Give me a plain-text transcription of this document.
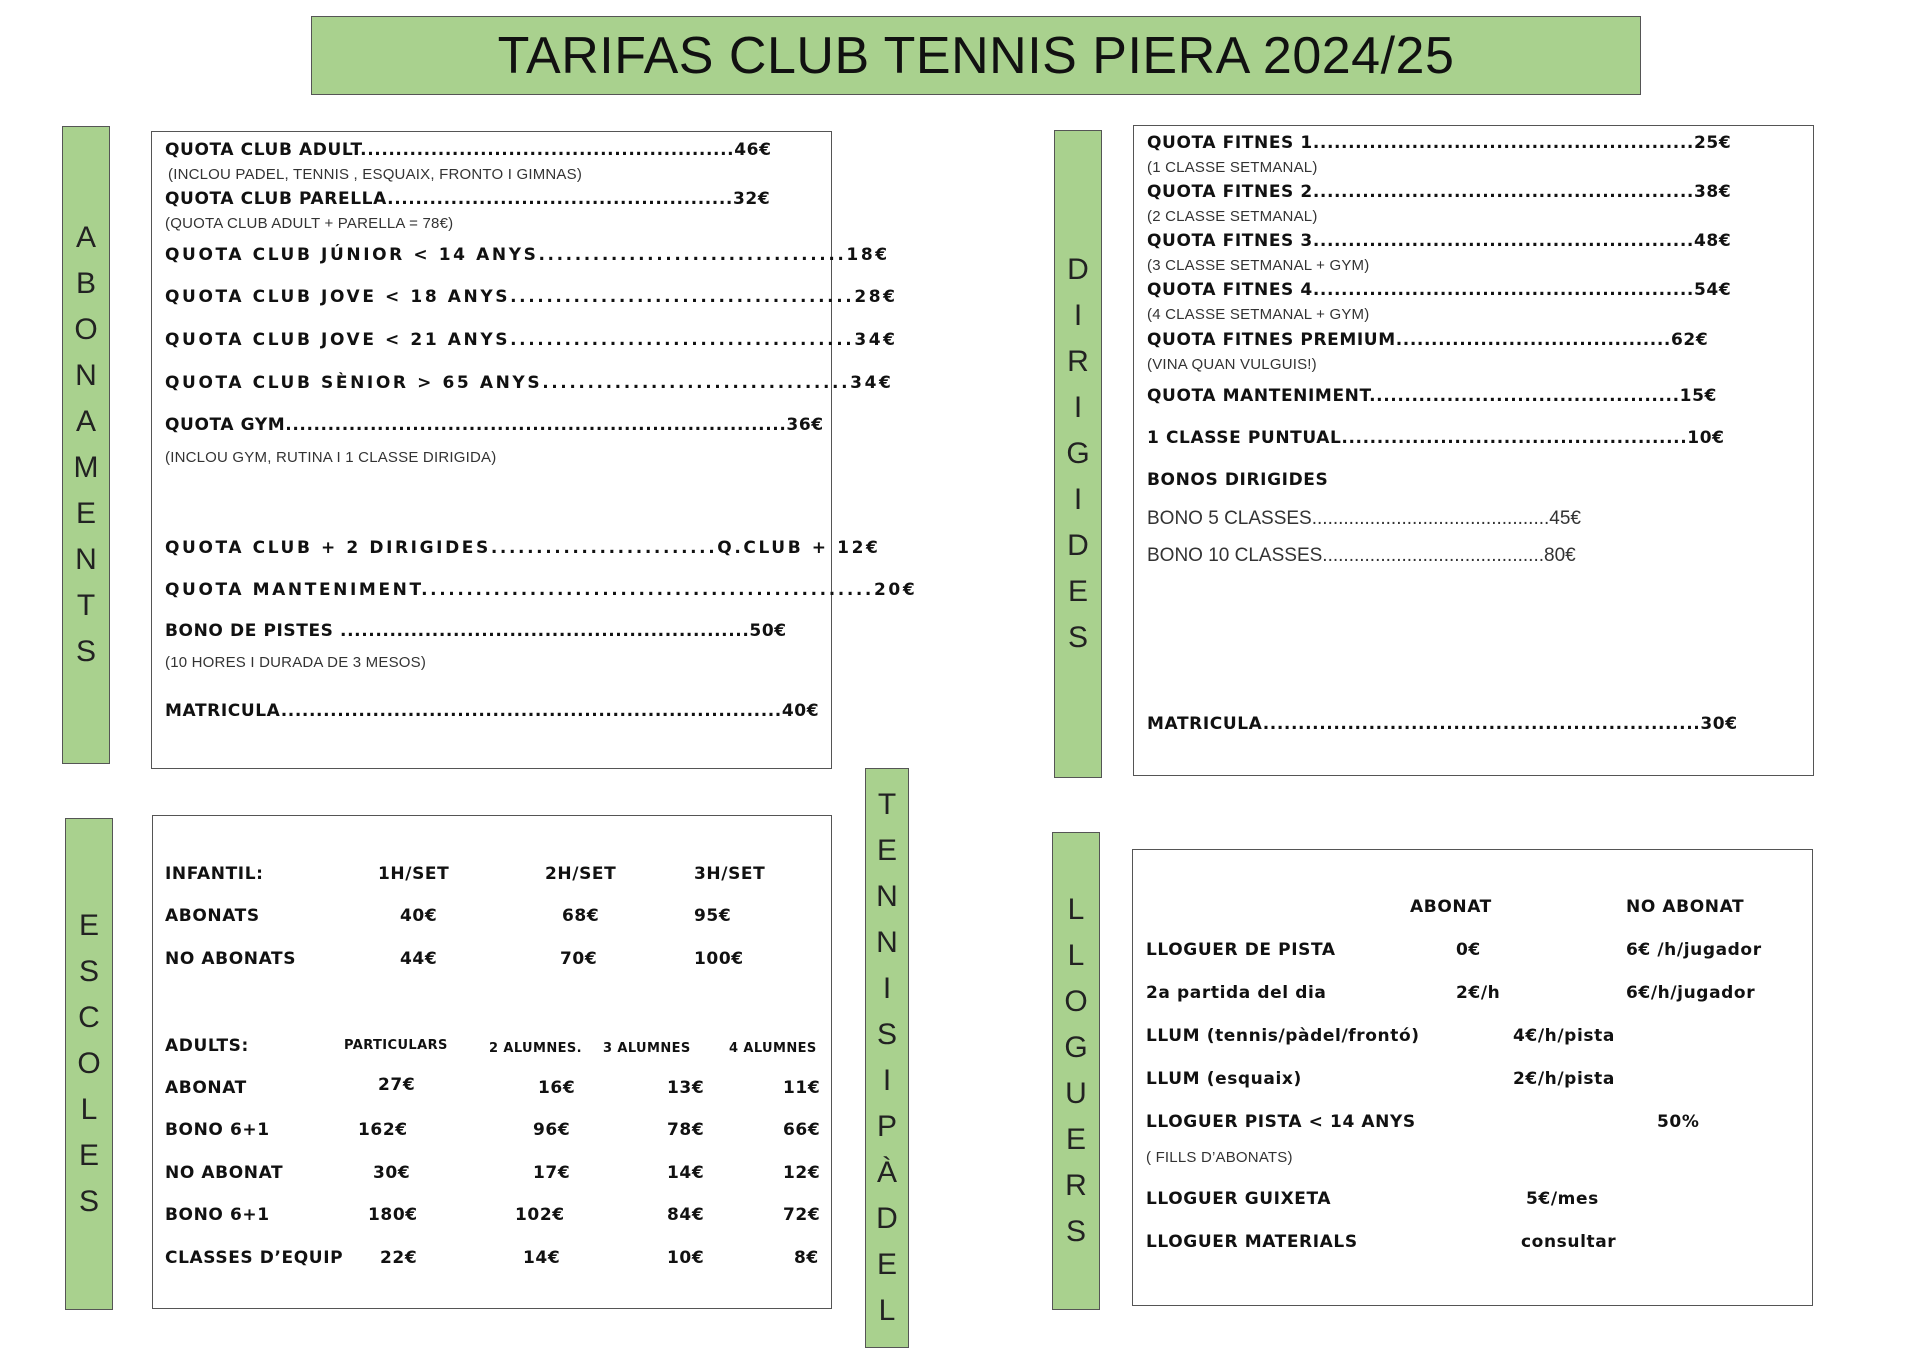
TARIFAS CLUB TENNIS PIERA 2024/25
A
B
O
N
A
M
E
N
T
S
D
I
R
I
G
I
D
E
S
E
S
C
O
L
E
S
T
E
N
N
I
S
I
P
À
D
E
L
L
L
O
G
U
E
R
S
QUOTA CLUB ADULT.....................................................46€
(INCLOU PADEL, TENNIS , ESQUAIX, FRONTO I GIMNAS)
QUOTA CLUB PARELLA.................................................32€
(QUOTA CLUB ADULT + PARELLA = 78€)
QUOTA CLUB JÚNIOR < 14 ANYS..................................18€
QUOTA CLUB JOVE < 18 ANYS......................................28€
QUOTA CLUB JOVE < 21 ANYS......................................34€
QUOTA CLUB SÈNIOR > 65 ANYS..................................34€
QUOTA GYM.......................................................................36€
(INCLOU GYM, RUTINA I 1 CLASSE DIRIGIDA)
QUOTA CLUB + 2 DIRIGIDES.........................Q.CLUB + 12€
QUOTA MANTENIMENT..................................................20€
BONO DE PISTES ..........................................................50€
(10 HORES I DURADA DE 3 MESOS)
MATRICULA.......................................................................40€
QUOTA FITNES 1......................................................25€
(1 CLASSE SETMANAL)
QUOTA FITNES 2......................................................38€
(2 CLASSE SETMANAL)
QUOTA FITNES 3......................................................48€
(3 CLASSE SETMANAL + GYM)
QUOTA FITNES 4......................................................54€
(4 CLASSE SETMANAL + GYM)
QUOTA FITNES PREMIUM.......................................62€
(VINA QUAN VULGUIS!)
QUOTA MANTENIMENT............................................15€
1 CLASSE PUNTUAL.................................................10€
BONOS DIRIGIDES
BONO 5 CLASSES.............................................45€
BONO 10 CLASSES..........................................80€
MATRICULA..............................................................30€
INFANTIL:	1H/SET	2H/SET	3H/SET
ABONATS	40€	68€	95€
NO ABONATS	44€	70€	100€
ADULTS:	PARTICULARS	2 ALUMNES. 3 ALUMNES	4 ALUMNES
ABONAT	27€	16€	13€	11€
BONO 6+1	162€	96€	78€	66€
NO ABONAT	30€	17€	14€	12€
BONO 6+1	180€	102€	84€	72€
CLASSES D’EQUIP 22€	14€	10€	8€
ABONAT	NO ABONAT
LLOGUER DE PISTA	0€	6€ /h/jugador
2a partida del dia	2€/h	6€/h/jugador
LLUM (tennis/pàdel/frontó)	4€/h/pista
LLUM (esquaix)	2€/h/pista
LLOGUER PISTA < 14 ANYS	50%
( FILLS D’ABONATS)
LLOGUER GUIXETA	5€/mes
LLOGUER MATERIALS	consultar
